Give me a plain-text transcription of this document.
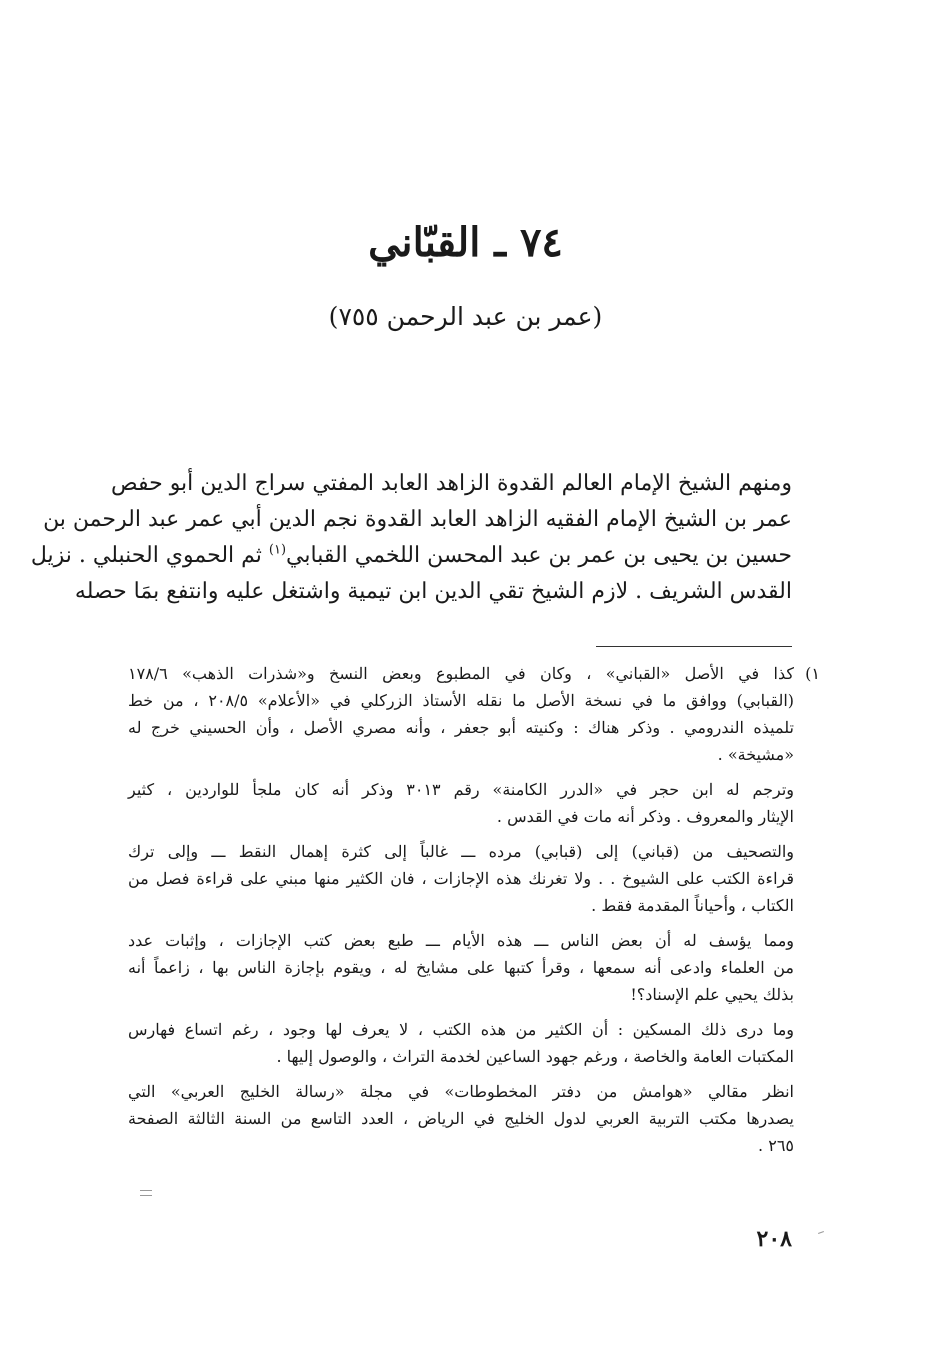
٧٤ ـ القبّاني
(عمر بن عبد الرحمن ٧٥٥)
ومنهم الشيخ الإمام العالم القدوة الزاهد العابد المفتي سراج الدين أبو حفص
عمر بن الشيخ الإمام الفقيه الزاهد العابد القدوة نجم الدين أبي عمر عبد الرحمن بن
حسين بن يحيى بن عمر بن عبد المحسن اللخمي القبابي$^{(١)}$ ثم الحموي الحنبلي . نزيل
القدس الشريف . لازم الشيخ تقي الدين ابن تيمية واشتغل عليه وانتفع بمَا حصله
١)
كذا في الأصل «القباني» ، وكان في المطبوع وبعض النسخ و«شذرات الذهب» ١٧٨/٦
(القبابي) ووافق ما في نسخة الأصل ما نقله الأستاذ الزركلي في «الأعلام» ٢٠٨/٥ ، من خط
تلميذه الندرومي . وذكر هناك : وكنيته أبو جعفر ، وأنه مصري الأصل ، وأن الحسيني خرج له
«مشيخة» .
وترجم له ابن حجر في «الدرر الكامنة» رقم ٣٠١٣ وذكر أنه كان ملجأ للواردين ، كثير
الإيثار والمعروف . وذكر أنه مات في القدس .
والتصحيف من (قباني) إلى (قبابي) مرده ـــ غالباً إلى كثرة إهمال النقط ـــ وإلى ترك
قراءة الكتب على الشيوخ . . ولا تغرنك هذه الإجازات ، فان الكثير منها مبني على قراءة فصل من
الكتاب ، وأحياناً المقدمة فقط .
ومما يؤسف له أن بعض الناس ـــ هذه الأيام ـــ طبع بعض كتب الإجازات ، وإثبات عدد
من العلماء وادعى أنه سمعها ، وقرأ كتبها على مشايخ له ، ويقوم بإجازة الناس بها ، زاعماً أنه
بذلك يحيي علم الإسناد؟!
وما درى ذلك المسكين : أن الكثير من هذه الكتب ، لا يعرف لها وجود ، رغم اتساع فهارس
المكتبات العامة والخاصة ، ورغم جهود الساعين لخدمة التراث ، والوصول إليها .
انظر مقالي «هوامش من دفتر المخطوطات» في مجلة «رسالة الخليج العربي» التي
يصدرها مكتب التربية العربي لدول الخليج في الرياض ، العدد التاسع من السنة الثالثة الصفحة
٢٦٥ .
٢٠٨
